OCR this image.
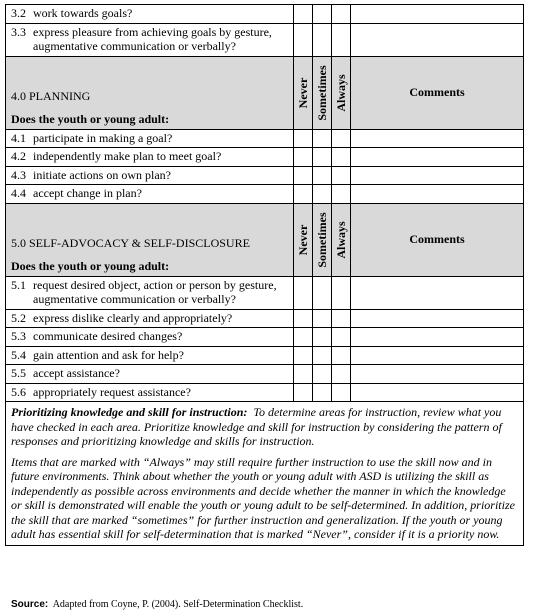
3.2 work towards goals?				

3.3 express pleasure from achieving goals by gesture, augmentative communication or verbally?				

4.0 PLANNING
Does the youth or young adult:	Never	Sometimes	Always	Comments

4.1 participate in making a goal?				

4.2 independently make plan to meet goal?				

4.3 initiate actions on own plan?				

4.4 accept change in plan?				

5.0 SELF-ADVOCACY & SELF-DISCLOSURE
Does the youth or young adult:	Never	Sometimes	Always	Comments

5.1 request desired object, action or person by gesture, augmentative communication or verbally?				

5.2 express dislike clearly and appropriately?				

5.3 communicate desired changes?				

5.4 gain attention and ask for help?				

5.5 accept assistance?				

5.6 appropriately request assistance?				

Prioritizing knowledge and skill for instruction: To determine areas for instruction, review what you have checked in each area. Prioritize knowledge and skill for instruction by considering the pattern of responses and prioritizing knowledge and skills for instruction.

Items that are marked with “Always” may still require further instruction to use the skill now and in future environments. Think about whether the youth or young adult with ASD is utilizing the skill as independently as possible across environments and decide whether the manner in which the knowledge or skill is demonstrated will enable the youth or young adult to be self-determined. In addition, prioritize the skill that are marked “sometimes” for further instruction and generalization. If the youth or young adult has essential skill for self-determination that is marked “Never”, consider if it is a priority now.				

Source: Adapted from Coyne, P. (2004). Self-Determination Checklist.
